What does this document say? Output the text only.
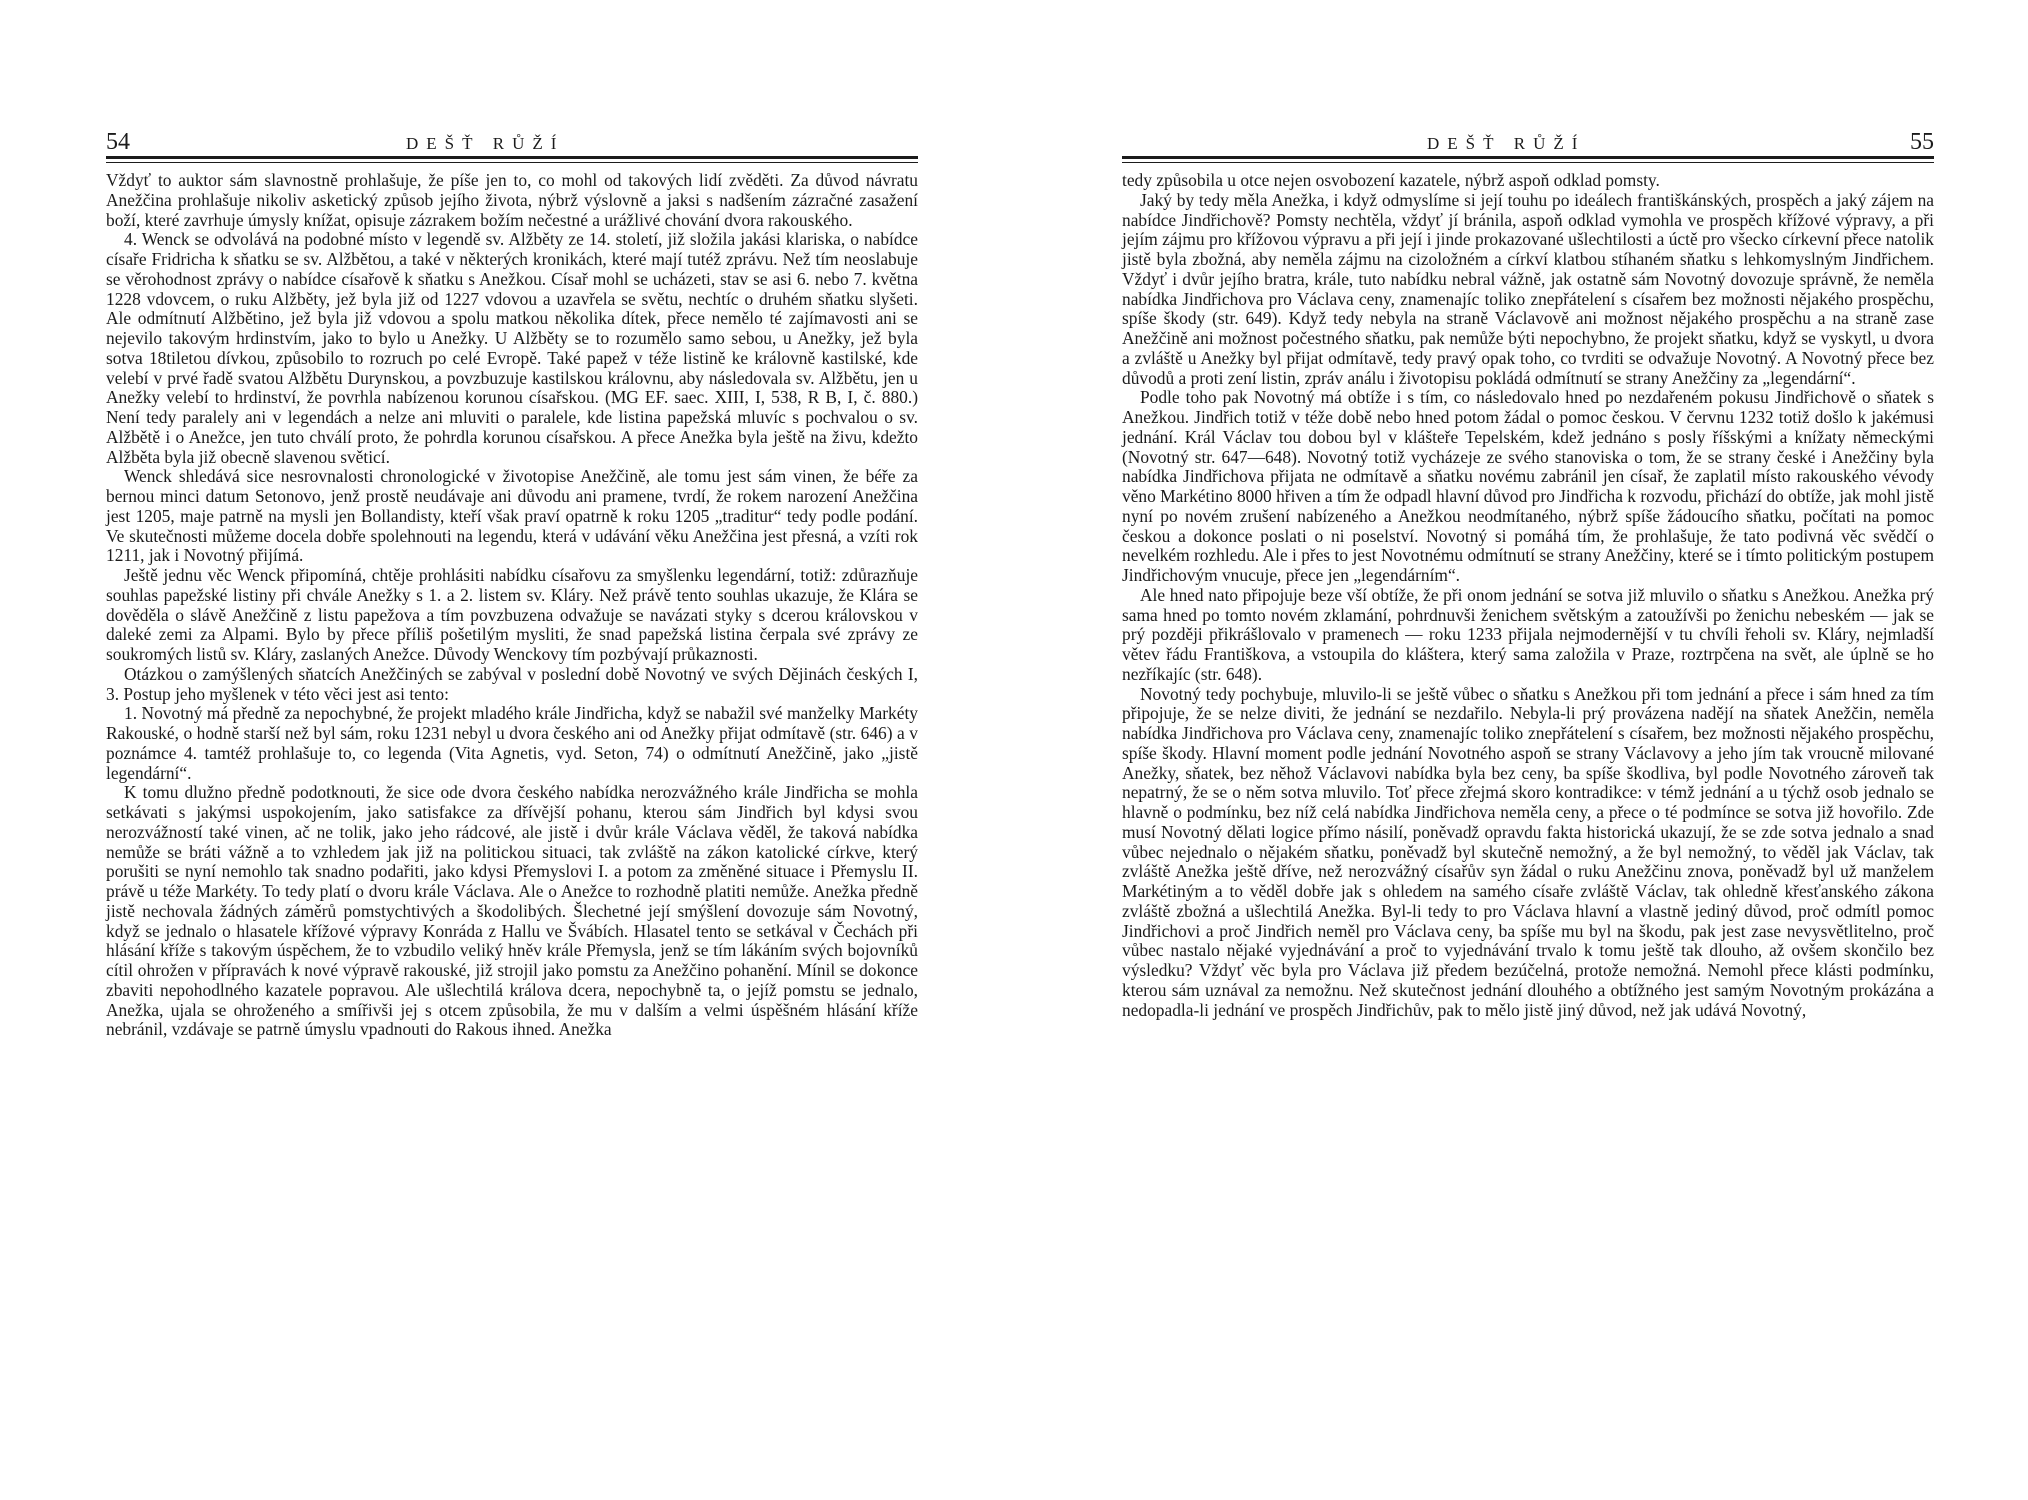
54	DEŠŤ RŮŽÍ

Vždyť to auktor sám slavnostně prohlašuje, že píše jen to, co mohl od takových lidí zvěděti. Za důvod návratu Anežčina prohlašuje nikoliv asketický způsob jejího života, nýbrž výslovně a jaksi s nadšením zázračné zasažení boží, které zavrhuje úmysly knížat, opisuje zázrakem božím nečestné a urážlivé chování dvora rakouského.

4. Wenck se odvolává na podobné místo v legendě sv. Alžběty ze 14. století, již složila jakási klariska, o nabídce císaře Fridricha k sňatku se sv. Alžbětou, a také v některých kronikách, které mají tutéž zprávu. Než tím neoslabuje se věrohodnost zprávy o nabídce císařově k sňatku s Anežkou. Císař mohl se ucházeti, stav se asi 6. nebo 7. května 1228 vdovcem, o ruku Alžběty, jež byla již od 1227 vdovou a uzavřela se světu, nechtíc o druhém sňatku slyšeti. Ale odmítnutí Alžbětino, jež byla již vdovou a spolu matkou několika dítek, přece nemělo té zajímavosti ani se nejevilo takovým hrdinstvím, jako to bylo u Anežky. U Alžběty se to rozumělo samo sebou, u Anežky, jež byla sotva 18tiletou dívkou, způsobilo to rozruch po celé Evropě. Také papež v téže listině ke královně kastilské, kde velebí v prvé řadě svatou Alžbětu Durynskou, a povzbuzuje kastilskou královnu, aby následovala sv. Alžbětu, jen u Anežky velebí to hrdinství, že povrhla nabízenou korunou císařskou. (MG EF. saec. XIII, I, 538, R B, I, č. 880.) Není tedy paralely ani v legendách a nelze ani mluviti o paralele, kde listina papežská mluvíc s pochvalou o sv. Alžbětě i o Anežce, jen tuto chválí proto, že pohrdla korunou císařskou. A přece Anežka byla ještě na živu, kdežto Alžběta byla již obecně slavenou světicí.

Wenck shledává sice nesrovnalosti chronologické v životopise Anežčině, ale tomu jest sám vinen, že béře za bernou minci datum Setonovo, jenž prostě neudávaje ani důvodu ani pramene, tvrdí, že rokem narození Anežčina jest 1205, maje patrně na mysli jen Bollandisty, kteří však praví opatrně k roku 1205 „traditur“ tedy podle podání. Ve skutečnosti můžeme docela dobře spolehnouti na legendu, která v udávání věku Anežčina jest přesná, a vzíti rok 1211, jak i Novotný přijímá.

Ještě jednu věc Wenck připomíná, chtěje prohlásiti nabídku císařovu za smyšlenku legendární, totiž: zdůrazňuje souhlas papežské listiny při chvále Anežky s 1. a 2. listem sv. Kláry. Než právě tento souhlas ukazuje, že Klára se dověděla o slávě Anežčině z listu papežova a tím povzbuzena odvažuje se navázati styky s dcerou královskou v daleké zemi za Alpami. Bylo by přece příliš pošetilým mysliti, že snad papežská listina čerpala své zprávy ze soukromých listů sv. Kláry, zaslaných Anežce. Důvody Wenckovy tím pozbývají průkaznosti.

Otázkou o zamýšlených sňatcích Anežčiných se zabýval v poslední době Novotný ve svých Dějinách českých I, 3. Postup jeho myšlenek v této věci jest asi tento:

1. Novotný má předně za nepochybné, že projekt mladého krále Jindřicha, když se nabažil své manželky Markéty Rakouské, o hodně starší než byl sám, roku 1231 nebyl u dvora českého ani od Anežky přijat odmítavě (str. 646) a v poznámce 4. tamtéž prohlašuje to, co legenda (Vita Agnetis, vyd. Seton, 74) o odmítnutí Anežčině, jako „jistě legendární“.

K tomu dlužno předně podotknouti, že sice ode dvora českého nabídka nerozvážného krále Jindřicha se mohla setkávati s jakýmsi uspokojením, jako satisfakce za dřívější pohanu, kterou sám Jindřich byl kdysi svou nerozvážností také vinen, ač ne tolik, jako jeho rádcové, ale jistě i dvůr krále Václava věděl, že taková nabídka nemůže se bráti vážně a to vzhledem jak již na politickou situaci, tak zvláště na zákon katolické církve, který porušiti se nyní nemohlo tak snadno podařiti, jako kdysi Přemyslovi I. a potom za změněné situace i Přemyslu II. právě u téže Markéty. To tedy platí o dvoru krále Václava. Ale o Anežce to rozhodně platiti nemůže. Anežka předně jistě nechovala žádných záměrů pomstychtivých a škodolibých. Šlechetné její smýšlení dovozuje sám Novotný, když se jednalo o hlasatele křížové výpravy Konráda z Hallu ve Švábích. Hlasatel tento se setkával v Čechách při hlásání kříže s takovým úspěchem, že to vzbudilo veliký hněv krále Přemysla, jenž se tím lákáním svých bojovníků cítil ohrožen v přípravách k nové výpravě rakouské, již strojil jako pomstu za Anežčino pohanění. Mínil se dokonce zbaviti nepohodlného kazatele popravou. Ale ušlechtilá králova dcera, nepochybně ta, o jejíž pomstu se jednalo, Anežka, ujala se ohroženého a smířivši jej s otcem způsobila, že mu v dalším a velmi úspěšném hlásání kříže nebránil, vzdávaje se patrně úmyslu vpadnouti do Rakous ihned. Anežka

DEŠŤ RŮŽÍ	55

tedy způsobila u otce nejen osvobození kazatele, nýbrž aspoň odklad pomsty.

Jaký by tedy měla Anežka, i když odmyslíme si její touhu po ideálech františkánských, prospěch a jaký zájem na nabídce Jindřichově? Pomsty nechtěla, vždyť jí bránila, aspoň odklad vymohla ve prospěch křížové výpravy, a při jejím zájmu pro křížovou výpravu a při její i jinde prokazované ušlechtilosti a úctě pro všecko církevní přece natolik jistě byla zbožná, aby neměla zájmu na cizoložném a církví klatbou stíhaném sňatku s lehkomyslným Jindřichem. Vždyť i dvůr jejího bratra, krále, tuto nabídku nebral vážně, jak ostatně sám Novotný dovozuje správně, že neměla nabídka Jindřichova pro Václava ceny, znamenajíc toliko znepřátelení s císařem bez možnosti nějakého prospěchu, spíše škody (str. 649). Když tedy nebyla na straně Václavově ani možnost nějakého prospěchu a na straně zase Anežčině ani možnost počestného sňatku, pak nemůže býti nepochybno, že projekt sňatku, když se vyskytl, u dvora a zvláště u Anežky byl přijat odmítavě, tedy pravý opak toho, co tvrditi se odvažuje Novotný. A Novotný přece bez důvodů a proti zení listin, zpráv análu i životopisu pokládá odmítnutí se strany Anežčiny za „legendární“.

Podle toho pak Novotný má obtíže i s tím, co následovalo hned po nezdařeném pokusu Jindřichově o sňatek s Anežkou. Jindřich totiž v téže době nebo hned potom žádal o pomoc českou. V červnu 1232 totiž došlo k jakémusi jednání. Král Václav tou dobou byl v klášteře Tepelském, kdež jednáno s posly říšskými a knížaty německými (Novotný str. 647—648). Novotný totiž vycházeje ze svého stanoviska o tom, že se strany české i Anežčiny byla nabídka Jindřichova přijata ne odmítavě a sňatku novému zabránil jen císař, že zaplatil místo rakouského vévody věno Markétino 8000 hřiven a tím že odpadl hlavní důvod pro Jindřicha k rozvodu, přichází do obtíže, jak mohl jistě nyní po novém zrušení nabízeného a Anežkou neodmítaného, nýbrž spíše žádoucího sňatku, počítati na pomoc českou a dokonce poslati o ni poselství. Novotný si pomáhá tím, že prohlašuje, že tato podivná věc svědčí o nevelkém rozhledu. Ale i přes to jest Novotnému odmítnutí se strany Anežčiny, které se i tímto politickým postupem Jindřichovým vnucuje, přece jen „legendárním“.

Ale hned nato připojuje beze vší obtíže, že při onom jednání se sotva již mluvilo o sňatku s Anežkou. Anežka prý sama hned po tomto novém zklamání, pohrdnuvši ženichem světským a zatoužívši po ženichu nebeském — jak se prý později přikrášlovalo v pramenech — roku 1233 přijala nejmodernější v tu chvíli řeholi sv. Kláry, nejmladší větev řádu Františkova, a vstoupila do kláštera, který sama založila v Praze, roztrpčena na svět, ale úplně se ho nezříkajíc (str. 648).

Novotný tedy pochybuje, mluvilo-li se ještě vůbec o sňatku s Anežkou při tom jednání a přece i sám hned za tím připojuje, že se nelze diviti, že jednání se nezdařilo. Nebyla-li prý provázena nadějí na sňatek Anežčin, neměla nabídka Jindřichova pro Václava ceny, znamenajíc toliko znepřátelení s císařem, bez možnosti nějakého prospěchu, spíše škody. Hlavní moment podle jednání Novotného aspoň se strany Václavovy a jeho jím tak vroucně milované Anežky, sňatek, bez něhož Václavovi nabídka byla bez ceny, ba spíše škodliva, byl podle Novotného zároveň tak nepatrný, že se o něm sotva mluvilo. Toť přece zřejmá skoro kontradikce: v témž jednání a u týchž osob jednalo se hlavně o podmínku, bez níž celá nabídka Jindřichova neměla ceny, a přece o té podmínce se sotva již hovořilo. Zde musí Novotný dělati logice přímo násilí, poněvadž opravdu fakta historická ukazují, že se zde sotva jednalo a snad vůbec nejednalo o nějakém sňatku, poněvadž byl skutečně nemožný, a že byl nemožný, to věděl jak Václav, tak zvláště Anežka ještě dříve, než nerozvážný císařův syn žádal o ruku Anežčinu znova, poněvadž byl už manželem Markétiným a to věděl dobře jak s ohledem na samého císaře zvláště Václav, tak ohledně křesťanského zákona zvláště zbožná a ušlechtilá Anežka. Byl-li tedy to pro Václava hlavní a vlastně jediný důvod, proč odmítl pomoc Jindřichovi a proč Jindřich neměl pro Václava ceny, ba spíše mu byl na škodu, pak jest zase nevysvětlitelno, proč vůbec nastalo nějaké vyjednávání a proč to vyjednávání trvalo k tomu ještě tak dlouho, až ovšem skončilo bez výsledku? Vždyť věc byla pro Václava již předem bezúčelná, protože nemožná. Nemohl přece klásti podmínku, kterou sám uznával za nemožnu. Než skutečnost jednání dlouhého a obtížného jest samým Novotným prokázána a nedopadla-li jednání ve prospěch Jindřichův, pak to mělo jistě jiný důvod, než jak udává Novotný,
